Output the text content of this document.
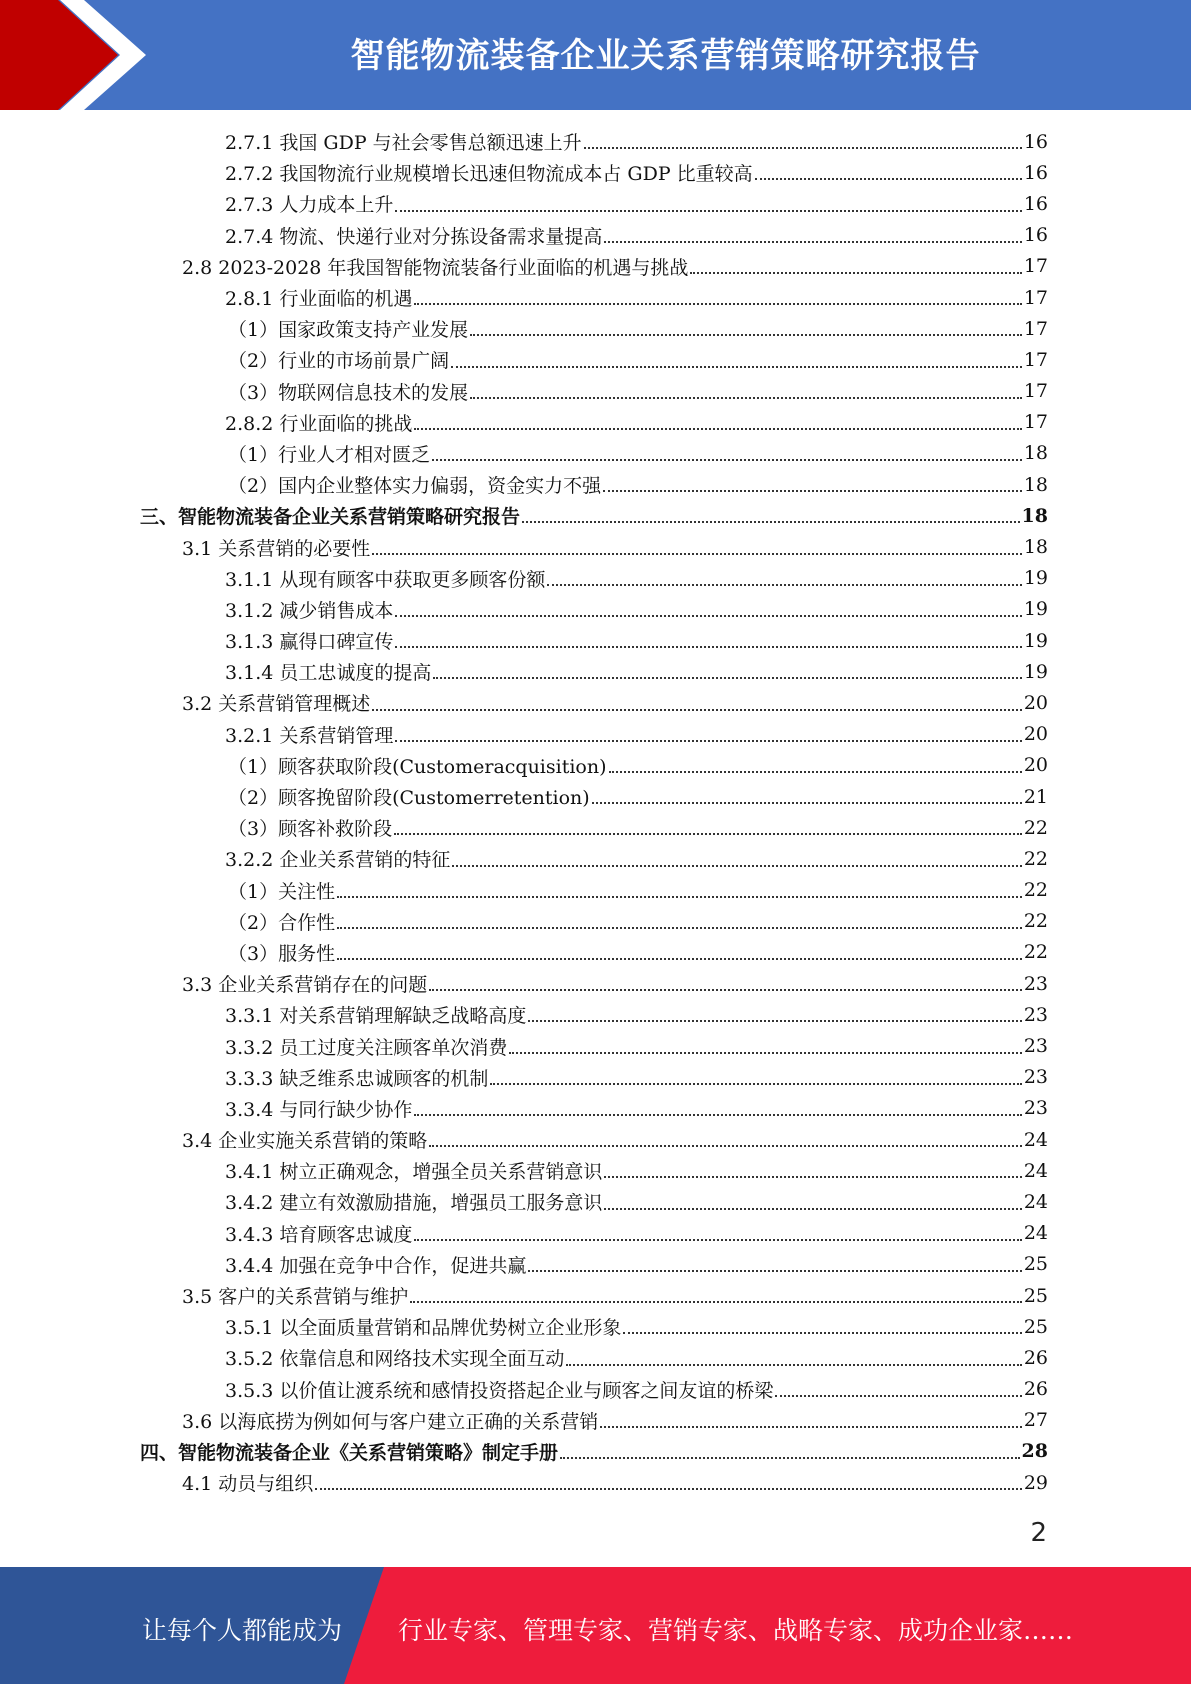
智能物流装备企业关系营销策略研究报告
2.7.1 我国 GDP 与社会零售总额迅速上升	16
2.7.2 我国物流行业规模增长迅速但物流成本占 GDP 比重较高	16
2.7.3 人力成本上升	16
2.7.4 物流、快递行业对分拣设备需求量提高	16
2.8 2023-2028 年我国智能物流装备行业面临的机遇与挑战	17
2.8.1 行业面临的机遇	17
（1）国家政策支持产业发展	17
（2）行业的市场前景广阔	17
（3）物联网信息技术的发展	17
2.8.2 行业面临的挑战	17
（1）行业人才相对匮乏	18
（2）国内企业整体实力偏弱，资金实力不强	18
三、智能物流装备企业关系营销策略研究报告	18
3.1 关系营销的必要性	18
3.1.1 从现有顾客中获取更多顾客份额	19
3.1.2 减少销售成本	19
3.1.3 赢得口碑宣传	19
3.1.4 员工忠诚度的提高	19
3.2 关系营销管理概述	20
3.2.1 关系营销管理	20
（1）顾客获取阶段(Customeracquisition)	20
（2）顾客挽留阶段(Customerretention)	21
（3）顾客补救阶段	22
3.2.2 企业关系营销的特征	22
（1）关注性	22
（2）合作性	22
（3）服务性	22
3.3 企业关系营销存在的问题	23
3.3.1 对关系营销理解缺乏战略高度	23
3.3.2 员工过度关注顾客单次消费	23
3.3.3 缺乏维系忠诚顾客的机制	23
3.3.4 与同行缺少协作	23
3.4 企业实施关系营销的策略	24
3.4.1 树立正确观念，增强全员关系营销意识	24
3.4.2 建立有效激励措施，增强员工服务意识	24
3.4.3 培育顾客忠诚度	24
3.4.4 加强在竞争中合作，促进共赢	25
3.5 客户的关系营销与维护	25
3.5.1 以全面质量营销和品牌优势树立企业形象	25
3.5.2 依靠信息和网络技术实现全面互动	26
3.5.3 以价值让渡系统和感情投资搭起企业与顾客之间友谊的桥梁	26
3.6 以海底捞为例如何与客户建立正确的关系营销	27
四、智能物流装备企业《关系营销策略》制定手册	28
4.1 动员与组织	29
2
让每个人都能成为 行业专家、管理专家、营销专家、战略专家、成功企业家……
